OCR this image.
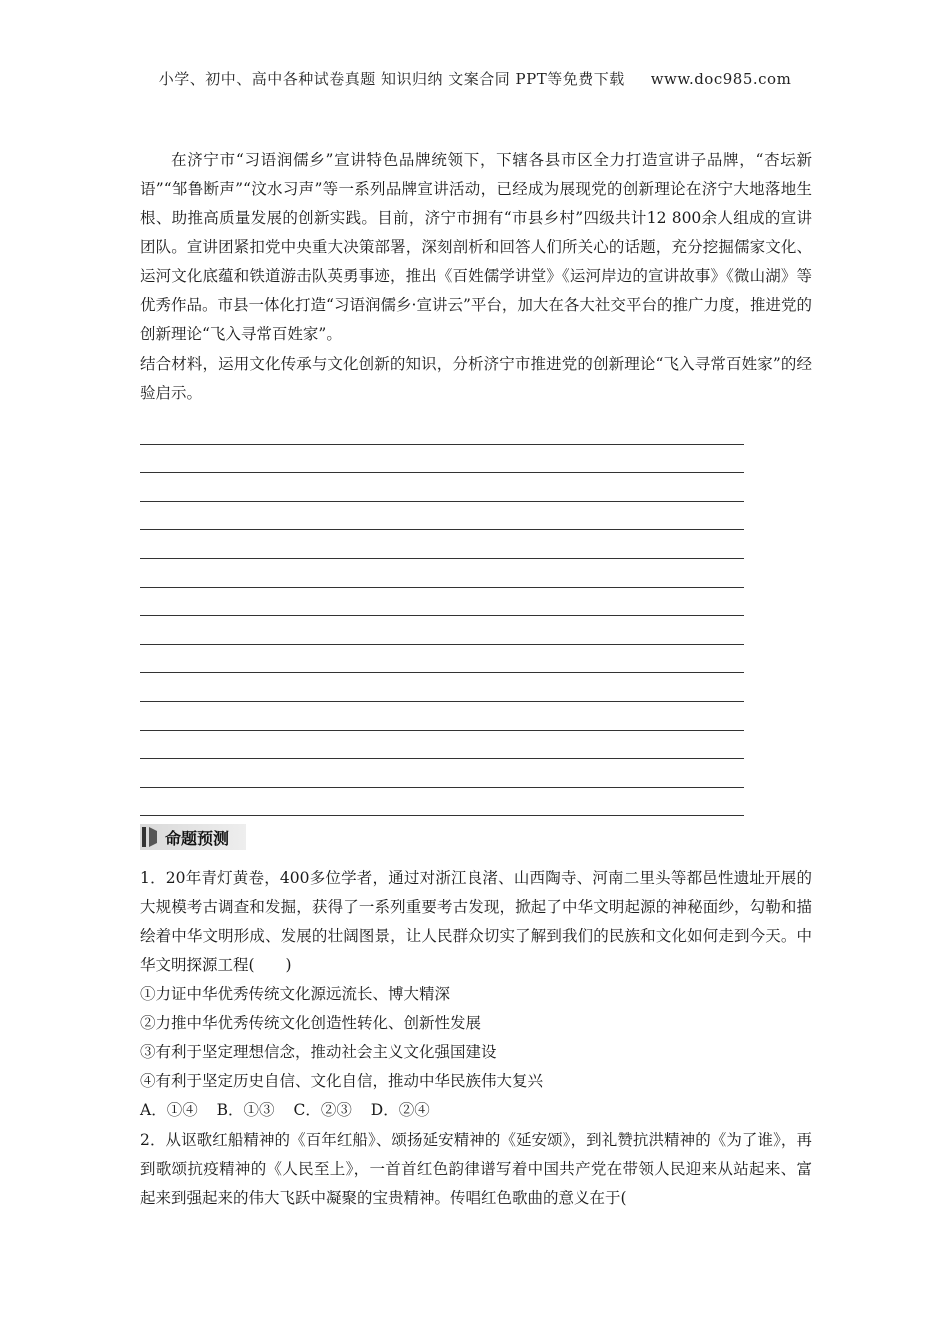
小学、初中、高中各种试卷真题 知识归纳 文案合同 PPT等免费下载 www.doc985.com

在济宁市“习语润儒乡”宣讲特色品牌统领下，下辖各县市区全力打造宣讲子品牌，“杏坛新语”“邹鲁断声”“汶水习声”等一系列品牌宣讲活动，已经成为展现党的创新理论在济宁大地落地生根、助推高质量发展的创新实践。目前，济宁市拥有“市县乡村”四级共计12 800余人组成的宣讲团队。宣讲团紧扣党中央重大决策部署，深刻剖析和回答人们所关心的话题，充分挖掘儒家文化、运河文化底蕴和铁道游击队英勇事迹，推出《百姓儒学讲堂》《运河岸边的宣讲故事》《微山湖》等优秀作品。市县一体化打造“习语润儒乡·宣讲云”平台，加大在各大社交平台的推广力度，推进党的创新理论“飞入寻常百姓家”。

结合材料，运用文化传承与文化创新的知识，分析济宁市推进党的创新理论“飞入寻常百姓家”的经验启示。

命题预测

1．20年青灯黄卷，400多位学者，通过对浙江良渚、山西陶寺、河南二里头等都邑性遗址开展的大规模考古调查和发掘，获得了一系列重要考古发现，掀起了中华文明起源的神秘面纱，勾勒和描绘着中华文明形成、发展的壮阔图景，让人民群众切实了解到我们的民族和文化如何走到今天。中华文明探源工程(　　)

①力证中华优秀传统文化源远流长、博大精深

②力推中华优秀传统文化创造性转化、创新性发展

③有利于坚定理想信念，推动社会主义文化强国建设

④有利于坚定历史自信、文化自信，推动中华民族伟大复兴

A．①④ B．①③ C．②③ D．②④

2．从讴歌红船精神的《百年红船》、颂扬延安精神的《延安颂》，到礼赞抗洪精神的《为了谁》，再到歌颂抗疫精神的《人民至上》，一首首红色韵律谱写着中国共产党在带领人民迎来从站起来、富起来到强起来的伟大飞跃中凝聚的宝贵精神。传唱红色歌曲的意义在于(
